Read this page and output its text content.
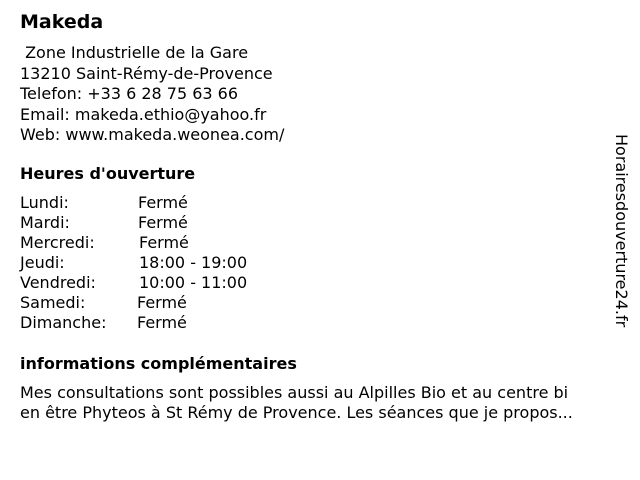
Makeda
Zone Industrielle de la Gare
13210 Saint-Rémy-de-Provence
Telefon: +33 6 28 75 63 66
Email: makeda.ethio@yahoo.fr
Web: www.makeda.weonea.com/
Heures d'ouverture

Lundi:

	Fermé

Mardi:

	Fermé

Mercredi:

	Fermé

Jeudi:

	18:00 - 19:00

Vendredi:

	10:00 - 11:00

Samedi:

	Fermé

Dimanche:

Fermé

informations complémentaires
Mes consultations sont possibles aussi au Alpilles Bio et au centre bi
en être Phyteos à St Rémy de Provence. Les séances que je propos...
Horairesdouverture24.fr
